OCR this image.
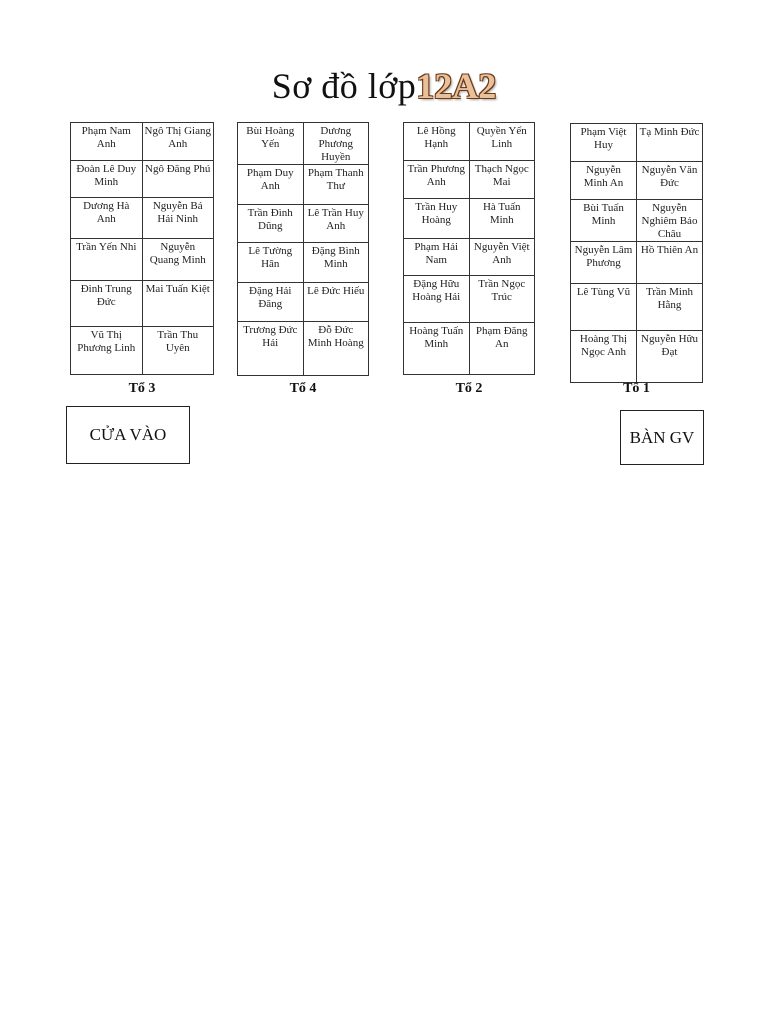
Sơ đồ lớp12A2
Phạm Nam Anh	Ngô Thị Giang Anh
Đoàn Lê Duy Minh	Ngô Đăng Phú
Dương Hà Anh	Nguyễn Bá Hải Ninh
Trần Yến Nhi	Nguyễn Quang Minh
Đinh Trung Đức	Mai Tuấn Kiệt
Vũ Thị Phương Linh	Trần Thu Uyên
Tổ 3
Bùi Hoàng Yến	Dương Phương Huyền
Phạm Duy Anh	Phạm Thanh Thư
Trần Đình Dũng	Lê Trần Huy Anh
Lê Tường Hân	Đặng Bình Minh
Đặng Hải Đăng	Lê Đức Hiếu
Trương Đức Hải	Đỗ Đức Minh Hoàng
Tổ 4
Lê Hồng Hạnh	Quyền Yến Linh
Trần Phương Anh	Thạch Ngọc Mai
Trần Huy Hoàng	Hà Tuấn Minh
Phạm Hải Nam	Nguyễn Việt Anh
Đặng Hữu Hoàng Hải	Trần Ngọc Trúc
Hoàng Tuấn Minh	Phạm Đăng An
Tổ 2
Phạm Việt Huy	Tạ Minh Đức
Nguyễn Minh An	Nguyễn Văn Đức
Bùi Tuấn Minh	Nguyễn Nghiêm Bảo Châu
Nguyễn Lâm Phương	Hồ Thiên An
Lê Tùng Vũ	Trần Minh Hằng
Hoàng Thị Ngọc Anh	Nguyễn Hữu Đạt
Tổ 1
CỬA VÀO	BÀN GV
